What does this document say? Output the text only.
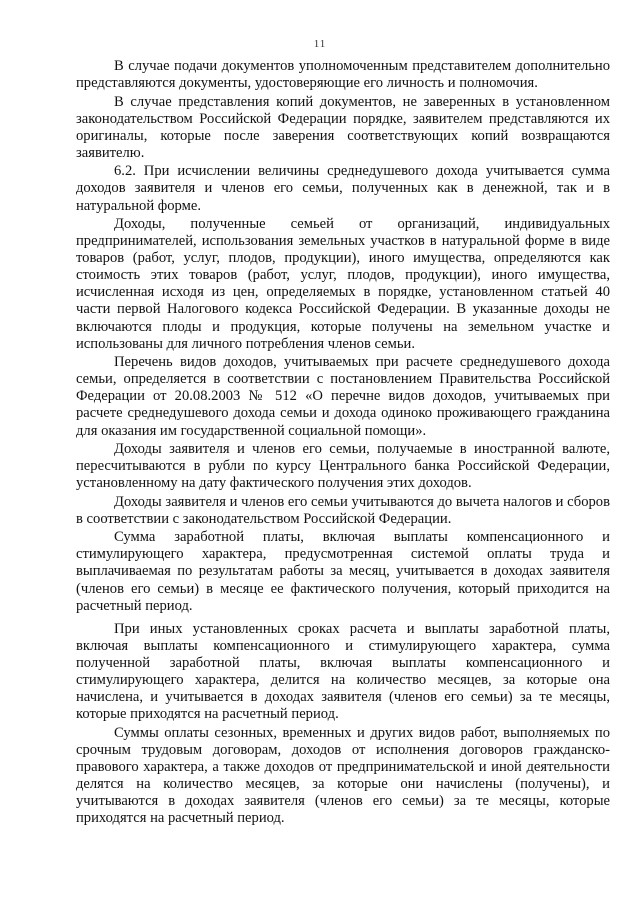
11

В случае подачи документов уполномоченным представителем дополнительно представляются документы, удостоверяющие его личность и полномочия.

В случае представления копий документов, не заверенных в установленном законодательством Российской Федерации порядке, заявителем представляются их оригиналы, которые после заверения соответствующих копий возвращаются заявителю.

6.2. При исчислении величины среднедушевого дохода учитывается сумма доходов заявителя и членов его семьи, полученных как в денежной, так и в натуральной форме.

Доходы, полученные семьей от организаций, индивидуальных предпринимателей, использования земельных участков в натуральной форме в виде товаров (работ, услуг, плодов, продукции), иного имущества, определяются как стоимость этих товаров (работ, услуг, плодов, продукции), иного имущества, исчисленная исходя из цен, определяемых в порядке, установленном статьей 40 части первой Налогового кодекса Российской Федерации. В указанные доходы не включаются плоды и продукция, которые получены на земельном участке и использованы для личного потребления членов семьи.

Перечень видов доходов, учитываемых при расчете среднедушевого дохода семьи, определяется в соответствии с постановлением Правительства Российской Федерации от 20.08.2003 № 512 «О перечне видов доходов, учитываемых при расчете среднедушевого дохода семьи и дохода одиноко проживающего гражданина для оказания им государственной социальной помощи».

Доходы заявителя и членов его семьи, получаемые в иностранной валюте, пересчитываются в рубли по курсу Центрального банка Российской Федерации, установленному на дату фактического получения этих доходов.

Доходы заявителя и членов его семьи учитываются до вычета налогов и сборов в соответствии с законодательством Российской Федерации.

Сумма заработной платы, включая выплаты компенсационного и стимулирующего характера, предусмотренная системой оплаты труда и выплачиваемая по результатам работы за месяц, учитывается в доходах заявителя (членов его семьи) в месяце ее фактического получения, который приходится на расчетный период.

При иных установленных сроках расчета и выплаты заработной платы, включая выплаты компенсационного и стимулирующего характера, сумма полученной заработной платы, включая выплаты компенсационного и стимулирующего характера, делится на количество месяцев, за которые она начислена, и учитывается в доходах заявителя (членов его семьи) за те месяцы, которые приходятся на расчетный период.

Суммы оплаты сезонных, временных и других видов работ, выполняемых по срочным трудовым договорам, доходов от исполнения договоров гражданско-правового характера, а также доходов от предпринимательской и иной деятельности делятся на количество месяцев, за которые они начислены (получены), и учитываются в доходах заявителя (членов его семьи) за те месяцы, которые приходятся на расчетный период.
